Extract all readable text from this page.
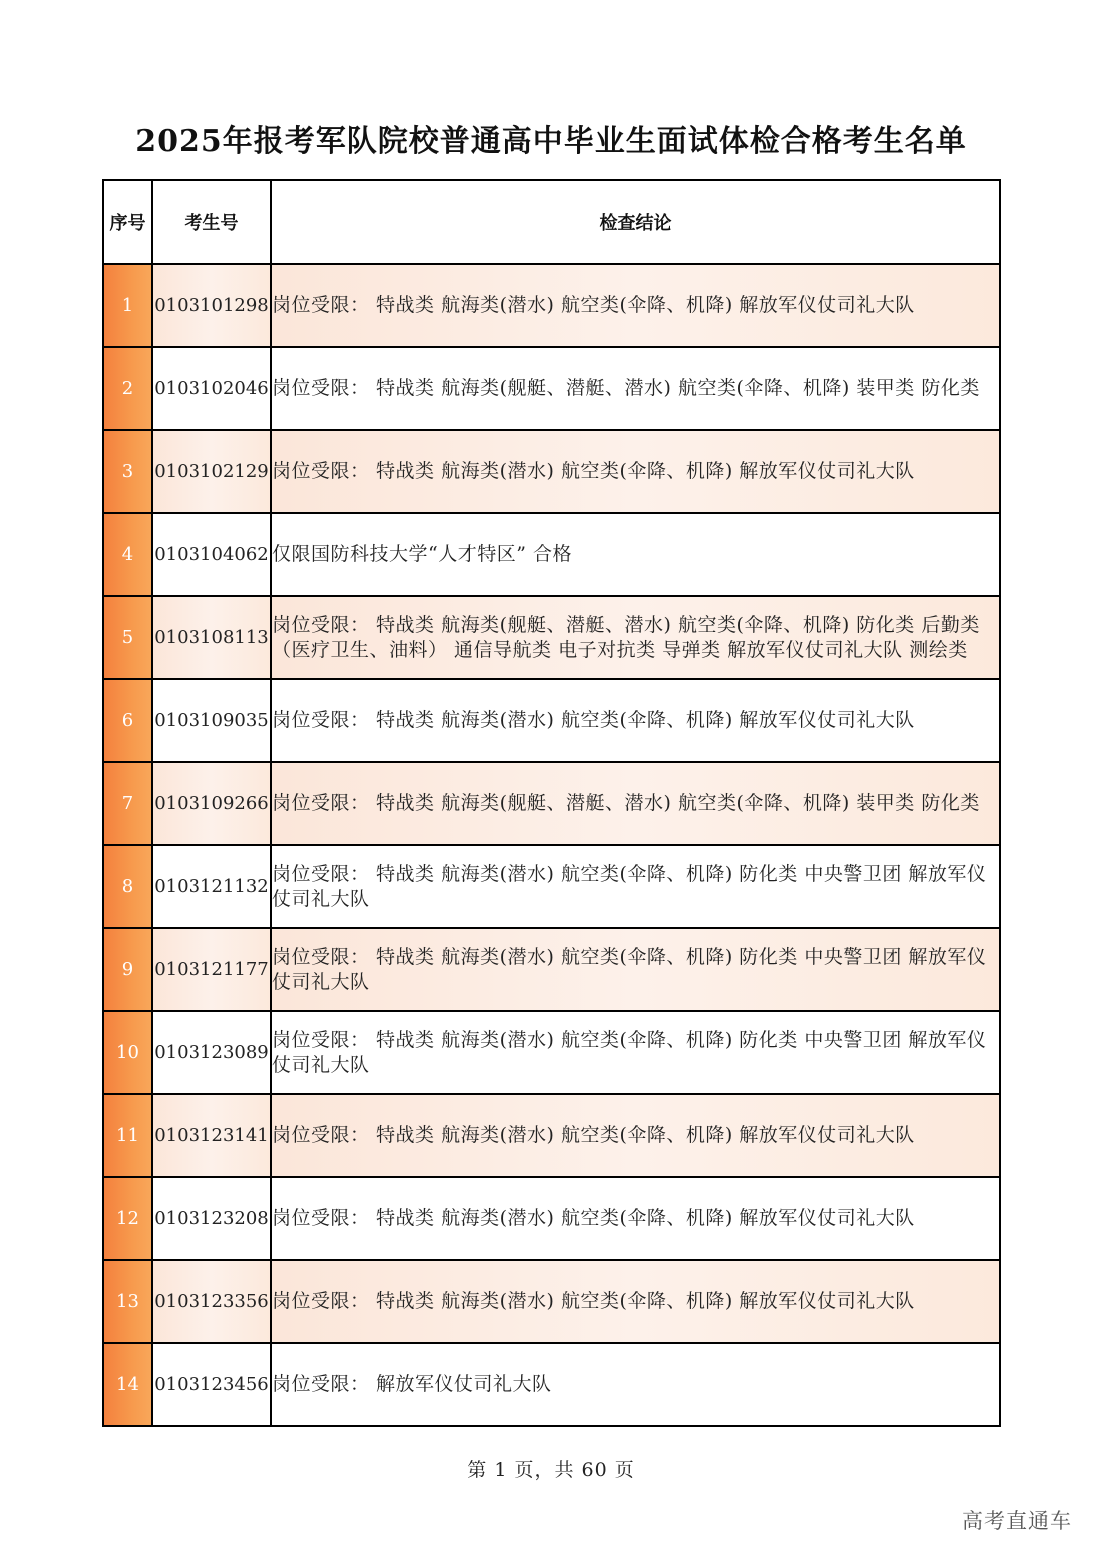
2025年报考军队院校普通高中毕业生面试体检合格考生名单
序号	考生号	检查结论
1	0103101298	岗位受限： 特战类 航海类(潜水) 航空类(伞降、机降) 解放军仪仗司礼大队
2	0103102046	岗位受限： 特战类 航海类(舰艇、潜艇、潜水) 航空类(伞降、机降) 装甲类 防化类
3	0103102129	岗位受限： 特战类 航海类(潜水) 航空类(伞降、机降) 解放军仪仗司礼大队
4	0103104062	仅限国防科技大学“人才特区” 合格
5	0103108113	岗位受限： 特战类 航海类(舰艇、潜艇、潜水) 航空类(伞降、机降) 防化类 后勤类（医疗卫生、油料） 通信导航类 电子对抗类 导弹类 解放军仪仗司礼大队 测绘类
6	0103109035	岗位受限： 特战类 航海类(潜水) 航空类(伞降、机降) 解放军仪仗司礼大队
7	0103109266	岗位受限： 特战类 航海类(舰艇、潜艇、潜水) 航空类(伞降、机降) 装甲类 防化类
8	0103121132	岗位受限： 特战类 航海类(潜水) 航空类(伞降、机降) 防化类 中央警卫团 解放军仪仗司礼大队
9	0103121177	岗位受限： 特战类 航海类(潜水) 航空类(伞降、机降) 防化类 中央警卫团 解放军仪仗司礼大队
10	0103123089	岗位受限： 特战类 航海类(潜水) 航空类(伞降、机降) 防化类 中央警卫团 解放军仪仗司礼大队
11	0103123141	岗位受限： 特战类 航海类(潜水) 航空类(伞降、机降) 解放军仪仗司礼大队
12	0103123208	岗位受限： 特战类 航海类(潜水) 航空类(伞降、机降) 解放军仪仗司礼大队
13	0103123356	岗位受限： 特战类 航海类(潜水) 航空类(伞降、机降) 解放军仪仗司礼大队
14	0103123456	岗位受限： 解放军仪仗司礼大队
第 1 页，共 60 页
高考直通车
